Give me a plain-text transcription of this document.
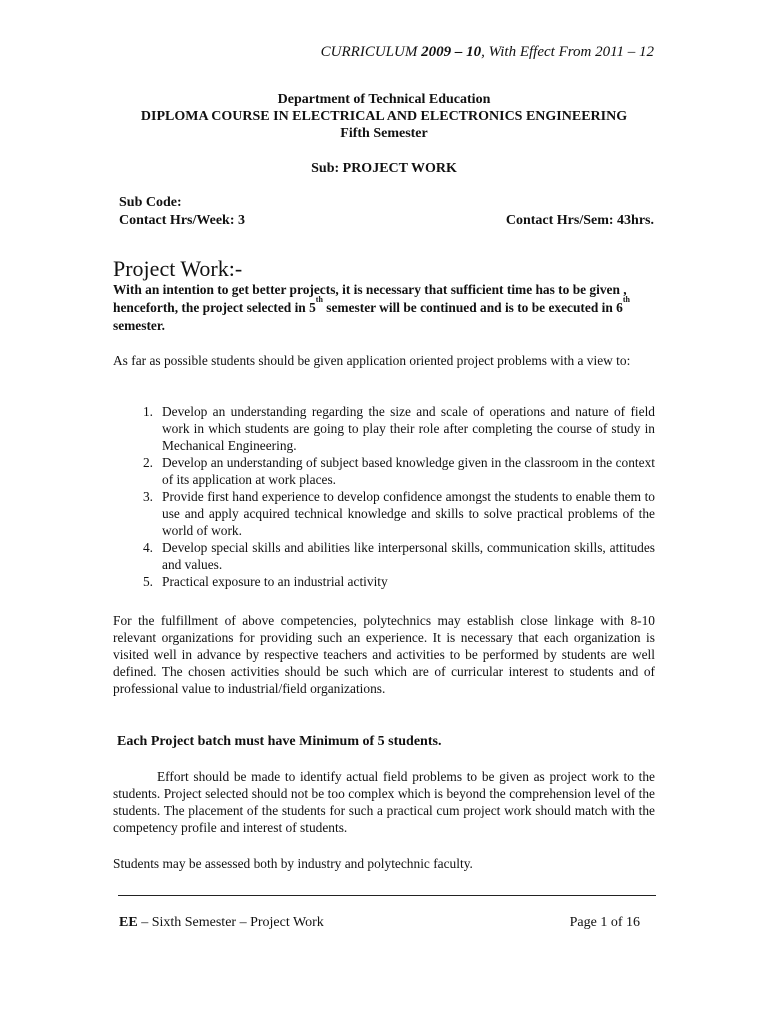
CURRICULUM 2009 – 10, With Effect From 2011 – 12
Department of Technical Education
DIPLOMA COURSE IN ELECTRICAL AND ELECTRONICS ENGINEERING
Fifth Semester
Sub: PROJECT WORK
Sub Code:
Contact Hrs/Week: 3	Contact Hrs/Sem: 43hrs.
Project Work:-
With an intention to get better projects, it is necessary that sufficient time has to be given , henceforth, the project selected in 5th semester will be continued and is to be executed in 6th semester.
As far as possible students should be given application oriented project problems with a view to:
1. Develop an understanding regarding the size and scale of operations and nature of field work in which students are going to play their role after completing the course of study in Mechanical Engineering.
2. Develop an understanding of subject based knowledge given in the classroom in the context of its application at work places.
3. Provide first hand experience to develop confidence amongst the students to enable them to use and apply acquired technical knowledge and skills to solve practical problems of the world of work.
4. Develop special skills and abilities like interpersonal skills, communication skills, attitudes and values.
5. Practical exposure to an industrial activity
For the fulfillment of above competencies, polytechnics may establish close linkage with 8-10 relevant organizations for providing such an experience. It is necessary that each organization is visited well in advance by respective teachers and activities to be performed by students are well defined. The chosen activities should be such which are of curricular interest to students and of professional value to industrial/field organizations.
Each Project batch must have Minimum of 5 students.
Effort should be made to identify actual field problems to be given as project work to the students. Project selected should not be too complex which is beyond the comprehension level of the students. The placement of the students for such a practical cum project work should match with the competency profile and interest of students.
Students may be assessed both by industry and polytechnic faculty.
EE – Sixth Semester – Project Work	Page 1 of 16
